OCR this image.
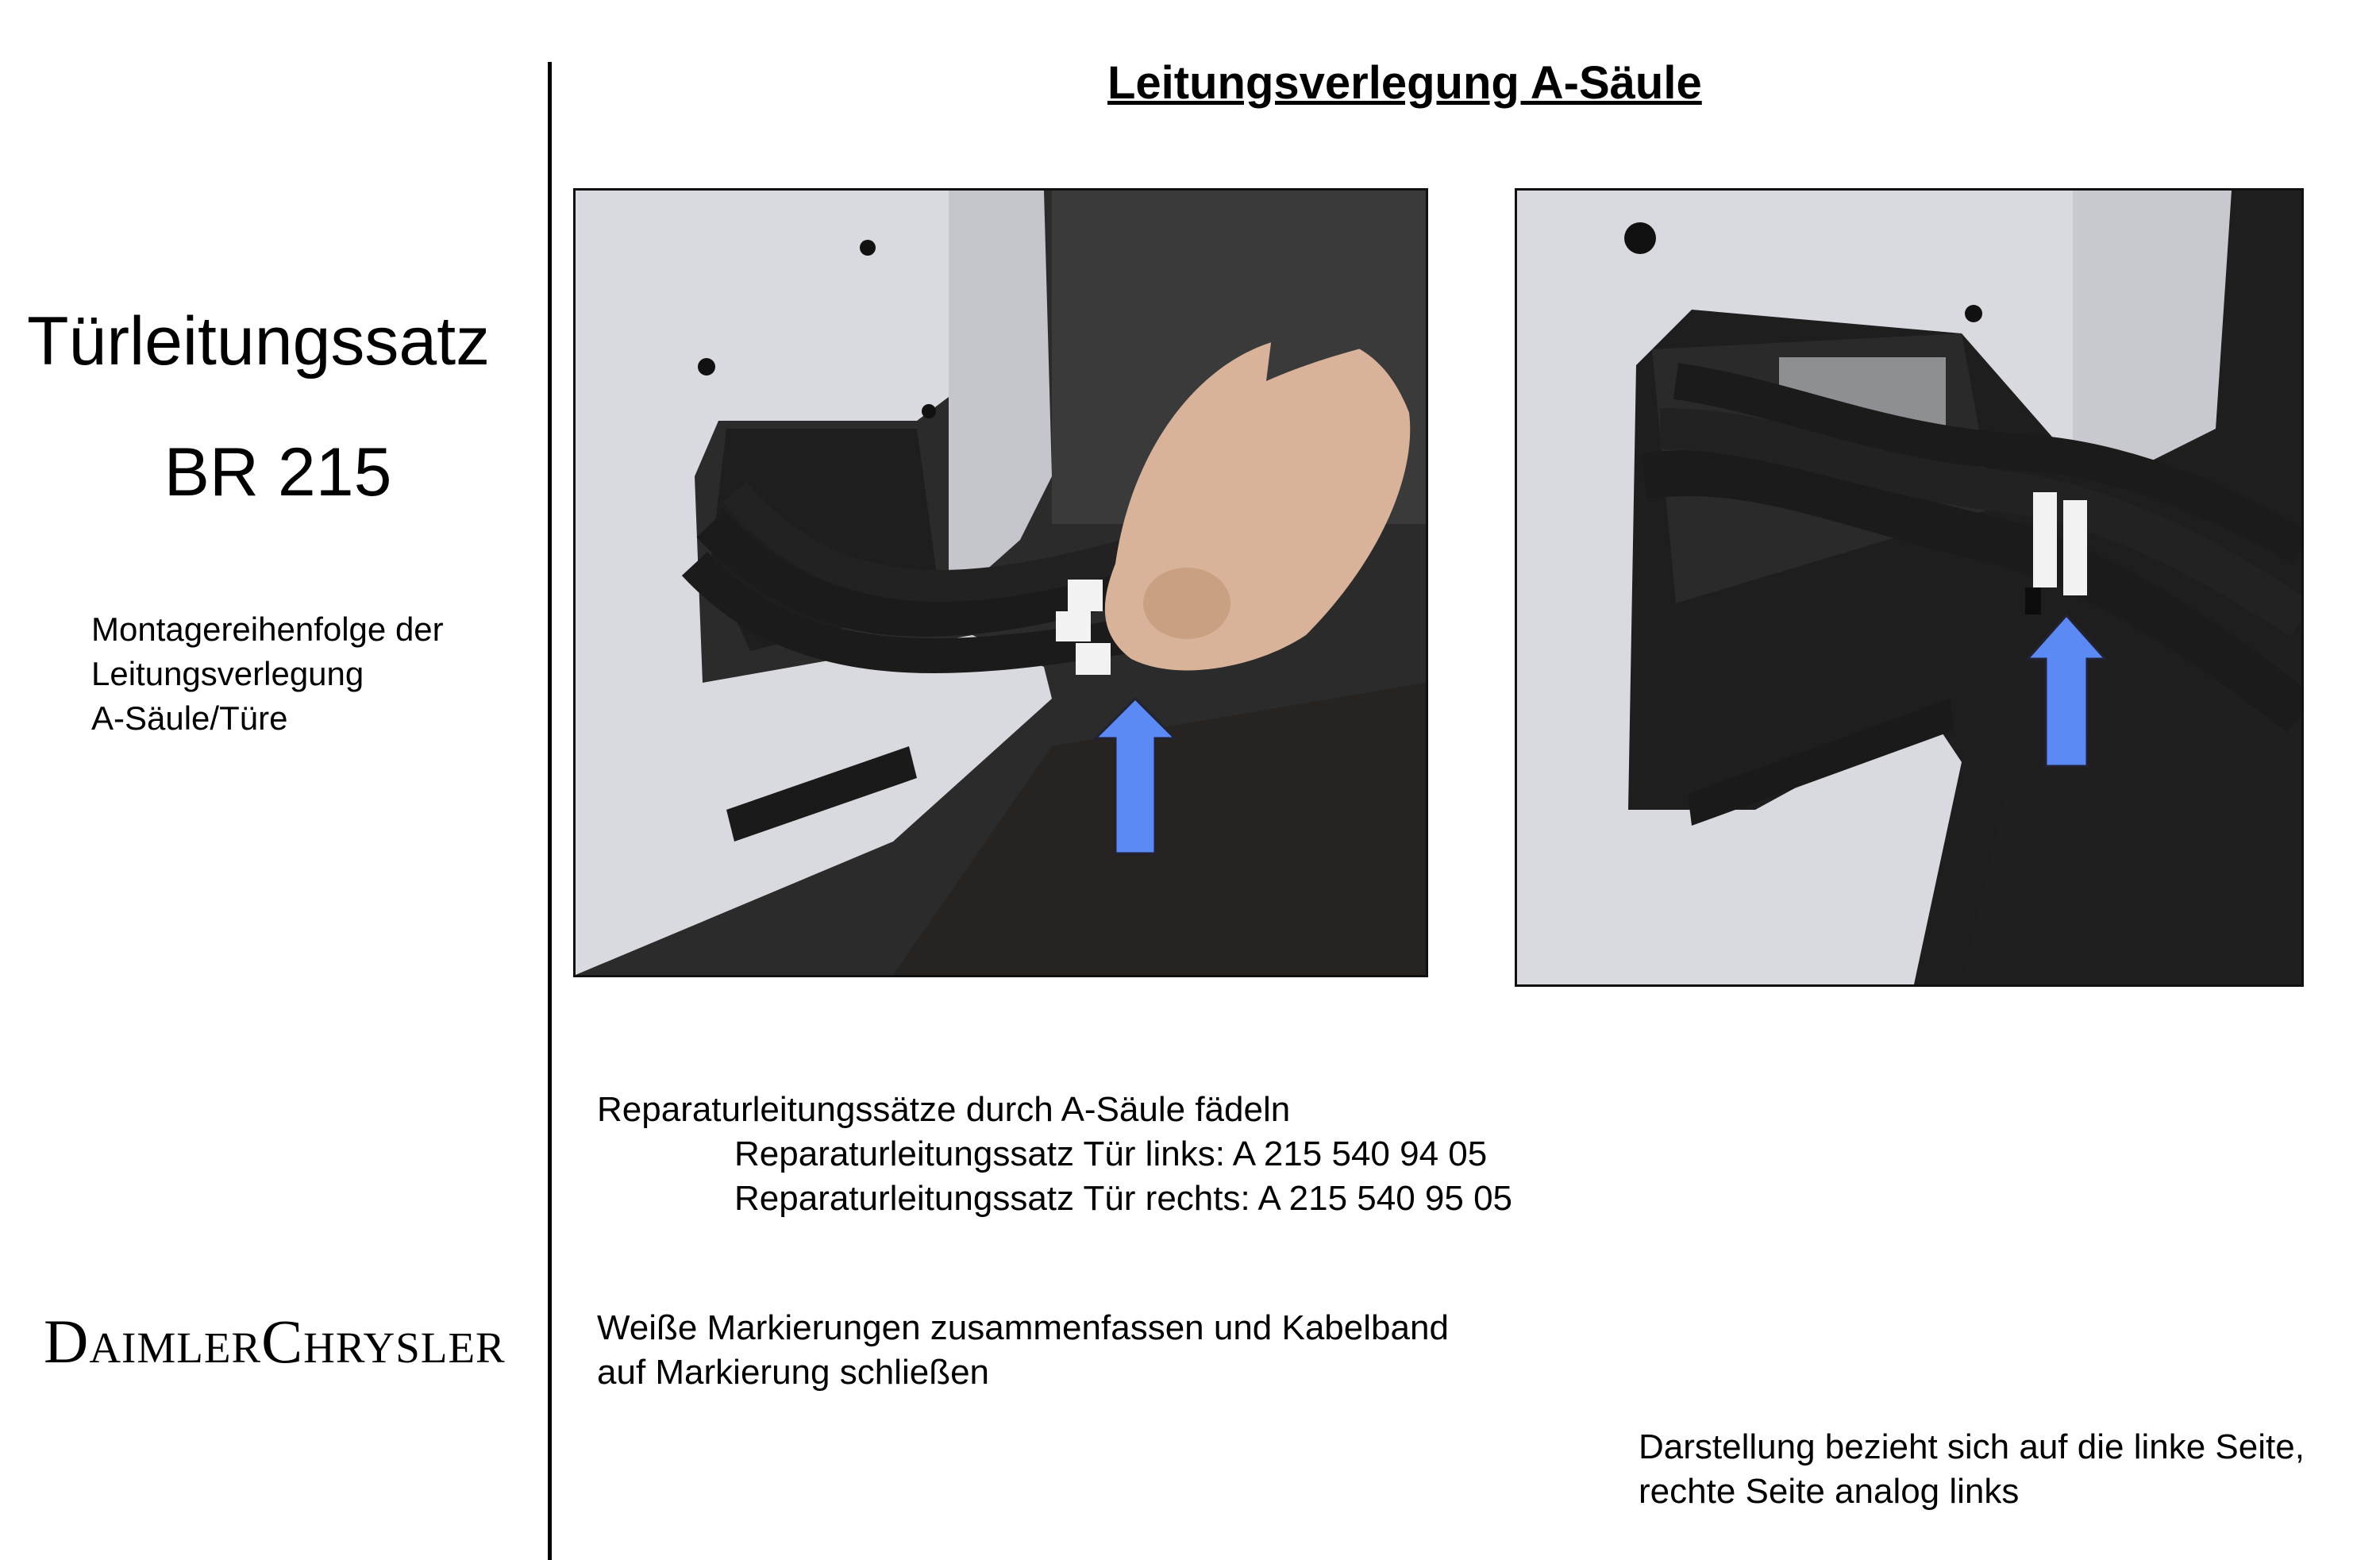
Türleitungssatz
BR 215
Montagereihenfolge der
Leitungsverlegung
A-Säule/Türe
DaimlerChrysler
Leitungsverlegung A-Säule
Reparaturleitungssätze durch A-Säule fädeln
Reparaturleitungssatz Tür links: A 215 540 94 05
Reparaturleitungssatz Tür rechts: A 215 540 95 05
Weiße Markierungen zusammenfassen und Kabelband
auf Markierung schließen
Darstellung bezieht sich auf die linke Seite,
rechte Seite analog links
